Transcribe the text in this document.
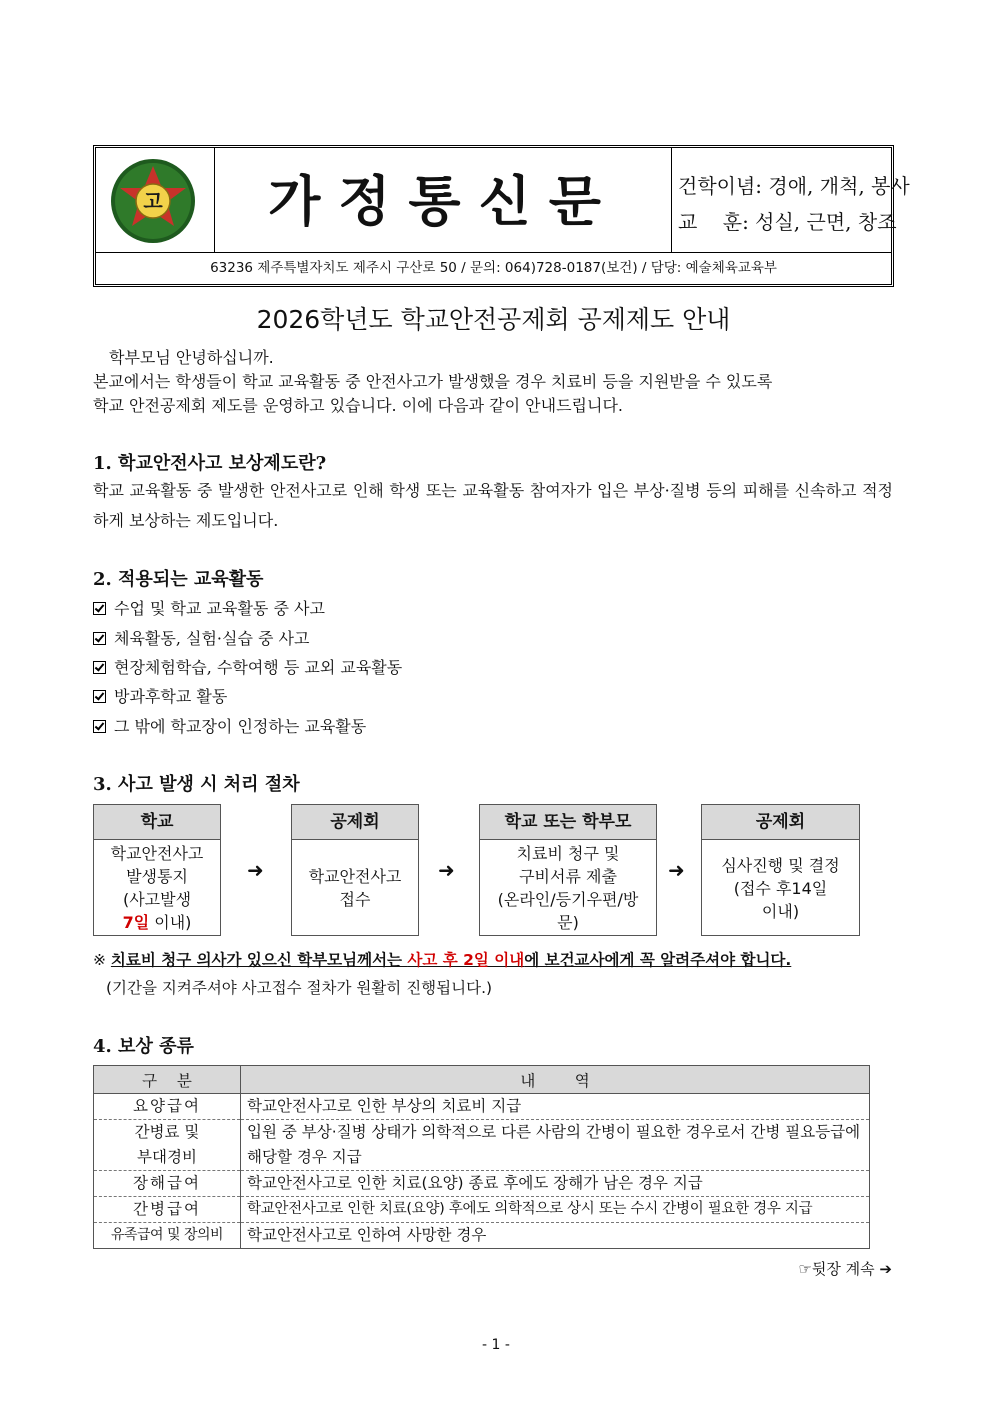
고	가정통신문	건학이념: 경애, 개척, 봉사
교    훈: 성실, 근면, 창조
63236 제주특별자치도 제주시 구산로 50 / 문의: 064)728-0187(보건) / 담당: 예술체육교육부
2026학년도 학교안전공제회 공제제도 안내
학부모님 안녕하십니까.
본교에서는 학생들이 학교 교육활동 중 안전사고가 발생했을 경우 치료비 등을 지원받을 수 있도록
학교 안전공제회 제도를 운영하고 있습니다. 이에 다음과 같이 안내드립니다.
1. 학교안전사고 보상제도란?
학교 교육활동 중 발생한 안전사고로 인해 학생 또는 교육활동 참여자가 입은 부상·질병 등의 피해를 신속하고 적정하게 보상하는 제도입니다.
2. 적용되는 교육활동
수업 및 학교 교육활동 중 사고
체육활동, 실험·실습 중 사고
현장체험학습, 수학여행 등 교외 교육활동
방과후학교 활동
그 밖에 학교장이 인정하는 교육활동
3. 사고 발생 시 처리 절차
학교
학교안전사고
발생통지
(사고발생
7일 이내)
➜
공제회
학교안전사고
접수
➜
학교 또는 학부모
치료비 청구 및
구비서류 제출
(온라인/등기우편/방
문)
➜
공제회
심사진행 및 결정
(접수 후14일
이내)
※ 치료비 청구 의사가 있으신 학부모님께서는 사고 후 2일 이내에 보건교사에게 꼭 알려주셔야 합니다.
(기간을 지켜주셔야 사고접수 절차가 원활히 진행됩니다.)
4. 보상 종류
구    분	내        역
요양급여	학교안전사고로 인한 부상의 치료비 지급
간병료 및
부대경비	입원 중 부상·질병 상태가 의학적으로 다른 사람의 간병이 필요한 경우로서 간병 필요등급에 해당할 경우 지급
장해급여	학교안전사고로 인한 치료(요양) 종료 후에도 장해가 남은 경우 지급
간병급여	학교안전사고로 인한 치료(요양) 후에도 의학적으로 상시 또는 수시 간병이 필요한 경우 지급
유족급여 및 장의비	학교안전사고로 인하여 사망한 경우
☞뒷장 계속 ➔
- 1 -
